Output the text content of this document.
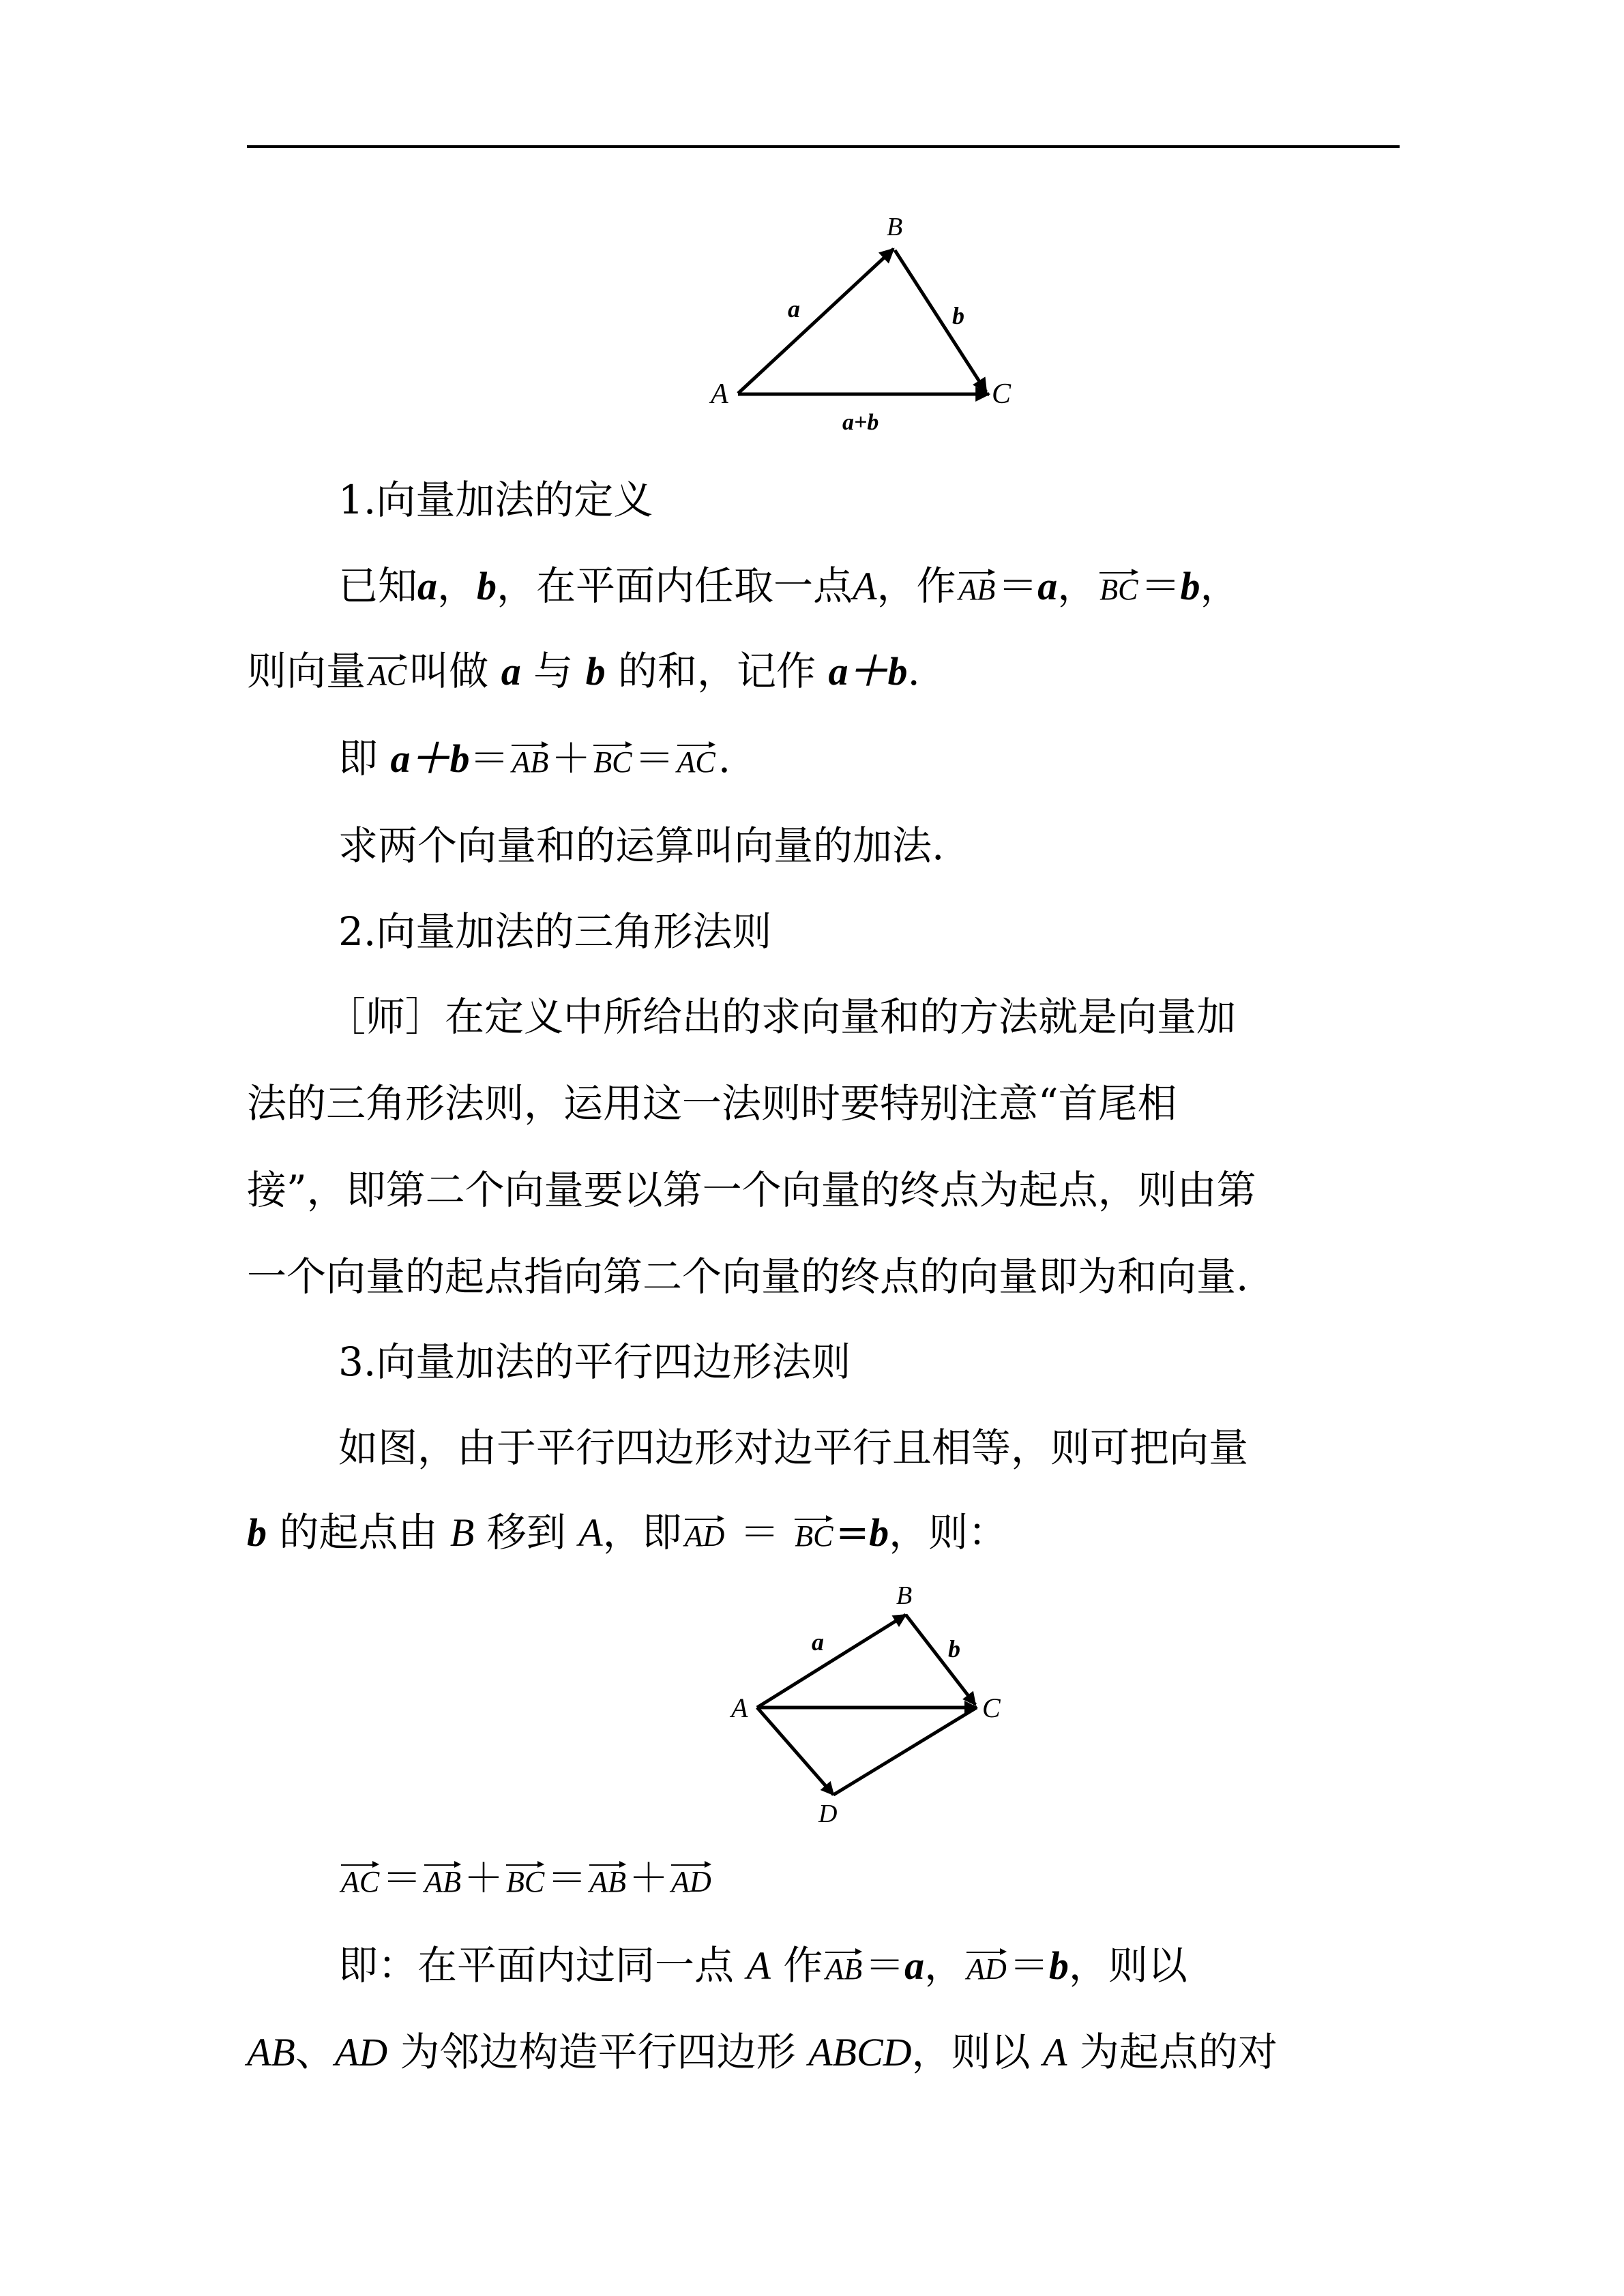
A
B
C
a	b
a+b
1.向量加法的定义
已知a，b，在平面内任取一点A，作AB＝a，BC＝b，
则向量AC叫做 a 与 b 的和，记作 a＋b.
即 a＋b＝AB＋BC＝AC.
求两个向量和的运算叫向量的加法.
2.向量加法的三角形法则
［师］在定义中所给出的求向量和的方法就是向量加
法的三角形法则，运用这一法则时要特别注意“首尾相
接”，即第二个向量要以第一个向量的终点为起点，则由第
一个向量的起点指向第二个向量的终点的向量即为和向量.
3.向量加法的平行四边形法则
如图，由于平行四边形对边平行且相等，则可把向量
b 的起点由 B 移到 A，即AD ＝ BC=b，则：
A
B
C
D
a	b
AC＝AB＋BC＝AB＋AD
即：在平面内过同一点 A 作AB＝a，AD＝b，则以
AB、AD 为邻边构造平行四边形 ABCD，则以 A 为起点的对
